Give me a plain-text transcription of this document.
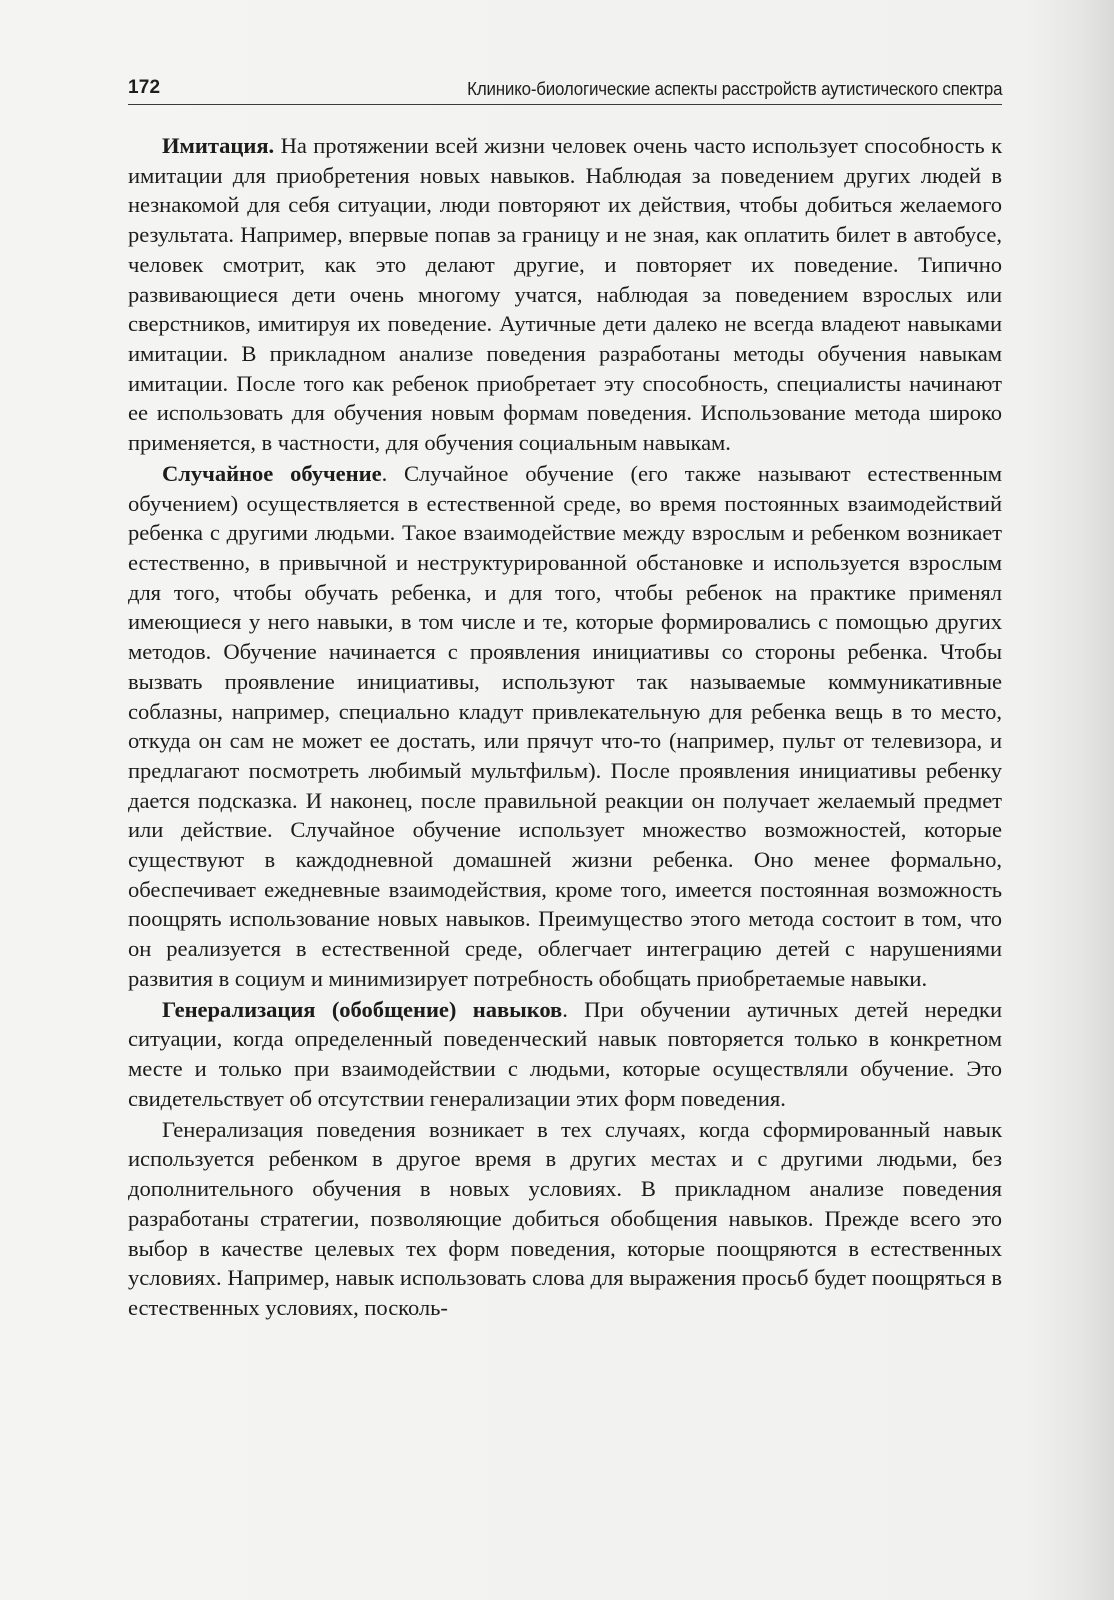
172	Клинико-биологические аспекты расстройств аутистического спектра

Имитация. На протяжении всей жизни человек очень часто использует способность к имитации для приобретения новых навыков. Наблюдая за поведением других людей в незнакомой для себя ситуации, люди повторяют их действия, чтобы добиться желаемого результата. Например, впервые попав за границу и не зная, как оплатить билет в автобусе, человек смотрит, как это делают другие, и повторяет их поведение. Типично развивающиеся дети очень многому учатся, наблюдая за поведением взрослых или сверстников, имитируя их поведение. Аутичные дети далеко не всегда владеют навыками имитации. В прикладном анализе поведения разработаны методы обучения навыкам имитации. После того как ребенок приобретает эту способность, специалисты начинают ее использовать для обучения новым формам поведения. Использование метода широко применяется, в частности, для обучения социальным навыкам.

Случайное обучение. Случайное обучение (его также называют естественным обучением) осуществляется в естественной среде, во время постоянных взаимодействий ребенка с другими людьми. Такое взаимодействие между взрослым и ребенком возникает естественно, в привычной и неструктурированной обстановке и используется взрослым для того, чтобы обучать ребенка, и для того, чтобы ребенок на практике применял имеющиеся у него навыки, в том числе и те, которые формировались с помощью других методов. Обучение начинается с проявления инициативы со стороны ребенка. Чтобы вызвать проявление инициативы, используют так называемые коммуникативные соблазны, например, специально кладут привлекательную для ребенка вещь в то место, откуда он сам не может ее достать, или прячут что-то (например, пульт от телевизора, и предлагают посмотреть любимый мультфильм). После проявления инициативы ребенку дается подсказка. И наконец, после правильной реакции он получает желаемый предмет или действие. Случайное обучение использует множество возможностей, которые существуют в каждодневной домашней жизни ребенка. Оно менее формально, обеспечивает ежедневные взаимодействия, кроме того, имеется постоянная возможность поощрять использование новых навыков. Преимущество этого метода состоит в том, что он реализуется в естественной среде, облегчает интеграцию детей с нарушениями развития в социум и минимизирует потребность обобщать приобретаемые навыки.

Генерализация (обобщение) навыков. При обучении аутичных детей нередки ситуации, когда определенный поведенческий навык повторяется только в конкретном месте и только при взаимодействии с людьми, которые осуществляли обучение. Это свидетельствует об отсутствии генерализации этих форм поведения.

Генерализация поведения возникает в тех случаях, когда сформированный навык используется ребенком в другое время в других местах и с другими людьми, без дополнительного обучения в новых условиях. В прикладном анализе поведения разработаны стратегии, позволяющие добиться обобщения навыков. Прежде всего это выбор в качестве целевых тех форм поведения, которые поощряются в естественных условиях. Например, навык использовать слова для выражения просьб будет поощряться в естественных условиях, посколь-
